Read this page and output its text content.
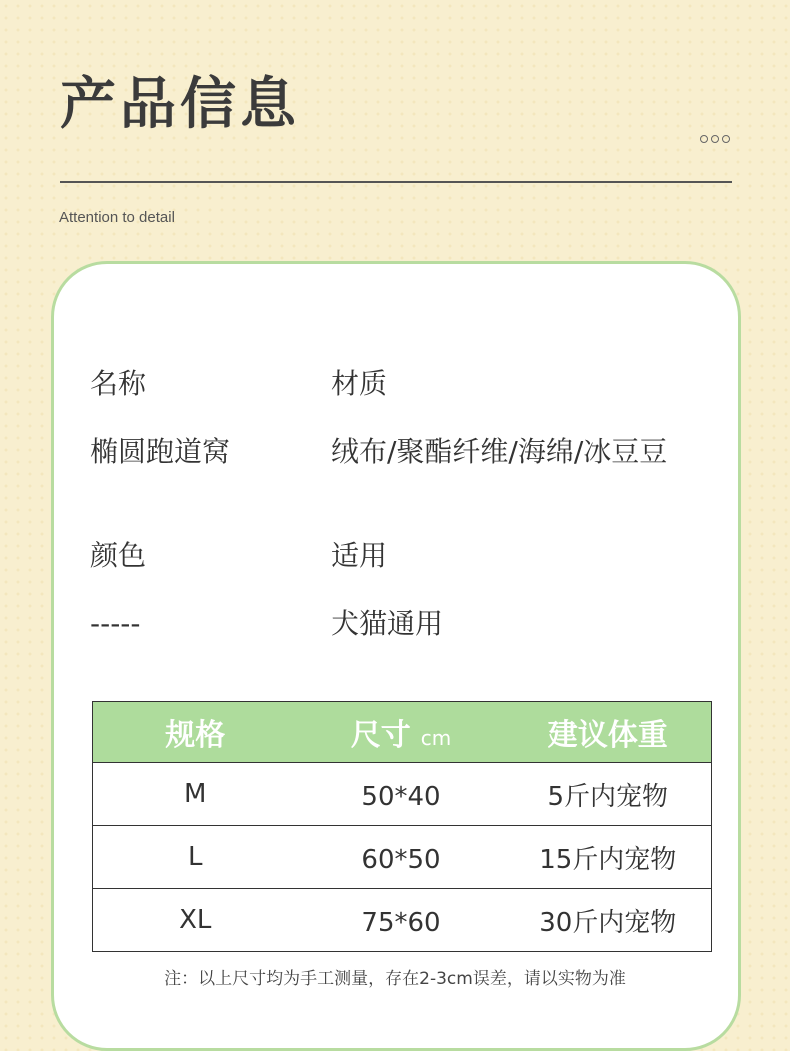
产品信息
Attention to detail
名称	材质
椭圆跑道窝	绒布/聚酯纤维/海绵/冰豆豆
颜色	适用
-----	犬猫通用
规格	尺寸 cm	建议体重
M	50*40	5斤内宠物
L	60*50	15斤内宠物
XL	75*60	30斤内宠物
注：以上尺寸均为手工测量，存在2-3cm误差，请以实物为准
